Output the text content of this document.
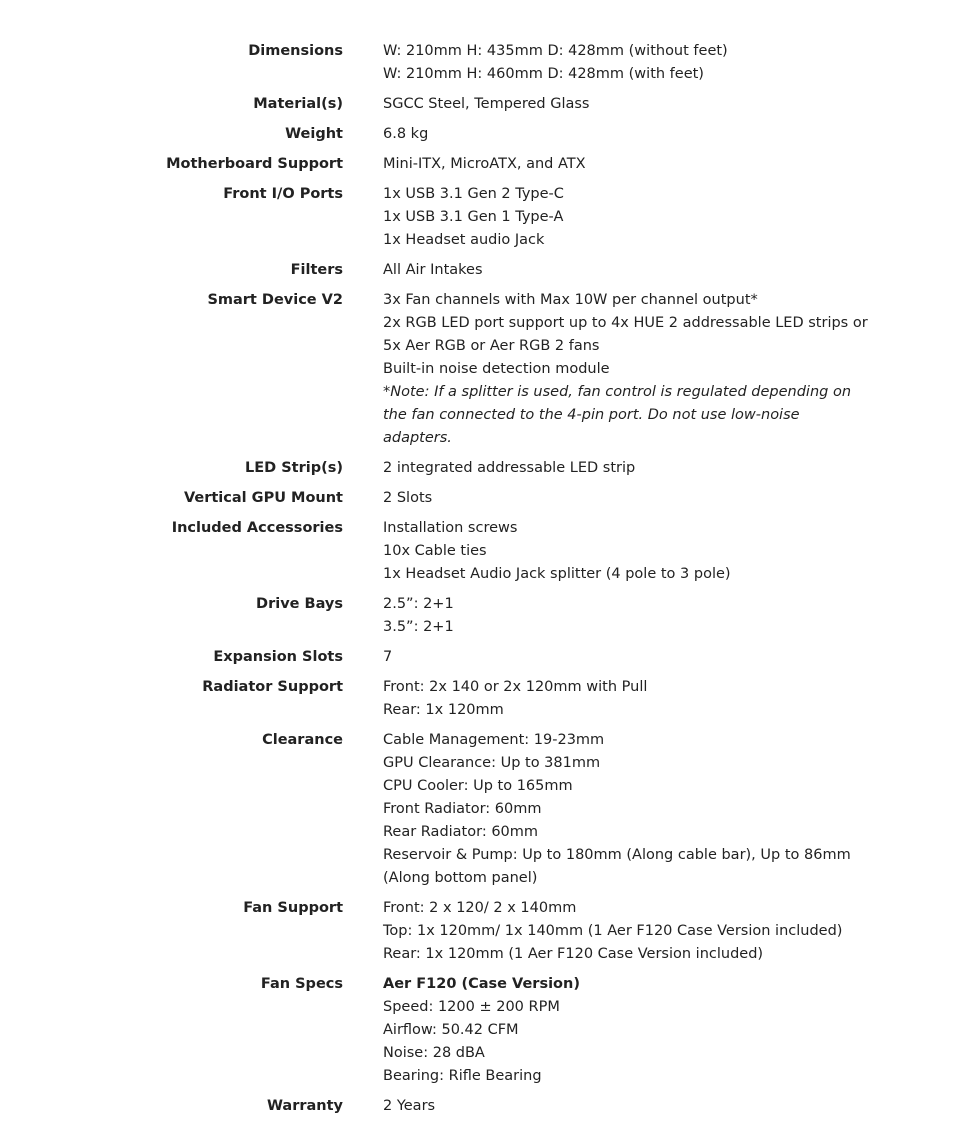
Dimensions	W: 210mm H: 435mm D: 428mm (without feet)
W: 210mm H: 460mm D: 428mm (with feet)
Material(s)	SGCC Steel, Tempered Glass
Weight	6.8 kg
Motherboard Support	Mini-ITX, MicroATX, and ATX
Front I/O Ports	1x USB 3.1 Gen 2 Type-C
1x USB 3.1 Gen 1 Type-A
1x Headset audio Jack
Filters	All Air Intakes
Smart Device V2	3x Fan channels with Max 10W per channel output*
2x RGB LED port support up to 4x HUE 2 addressable LED strips or 5x Aer RGB or Aer RGB 2 fans
Built-in noise detection module
*Note: If a splitter is used, fan control is regulated depending on the fan connected to the 4-pin port. Do not use low-noise adapters.
LED Strip(s)	2 integrated addressable LED strip
Vertical GPU Mount	2 Slots
Included Accessories	Installation screws
10x Cable ties
1x Headset Audio Jack splitter (4 pole to 3 pole)
Drive Bays	2.5”: 2+1
3.5”: 2+1
Expansion Slots	7
Radiator Support	Front: 2x 140 or 2x 120mm with Pull
Rear: 1x 120mm
Clearance	Cable Management: 19-23mm
GPU Clearance: Up to 381mm
CPU Cooler: Up to 165mm
Front Radiator: 60mm
Rear Radiator: 60mm
Reservoir & Pump: Up to 180mm (Along cable bar), Up to 86mm (Along bottom panel)
Fan Support	Front: 2 x 120/ 2 x 140mm
Top: 1x 120mm/ 1x 140mm (1 Aer F120 Case Version included)
Rear: 1x 120mm (1 Aer F120 Case Version included)
Fan Specs	Aer F120 (Case Version)
Speed: 1200 ± 200 RPM
Airflow: 50.42 CFM
Noise: 28 dBA
Bearing: Rifle Bearing
Warranty	2 Years
